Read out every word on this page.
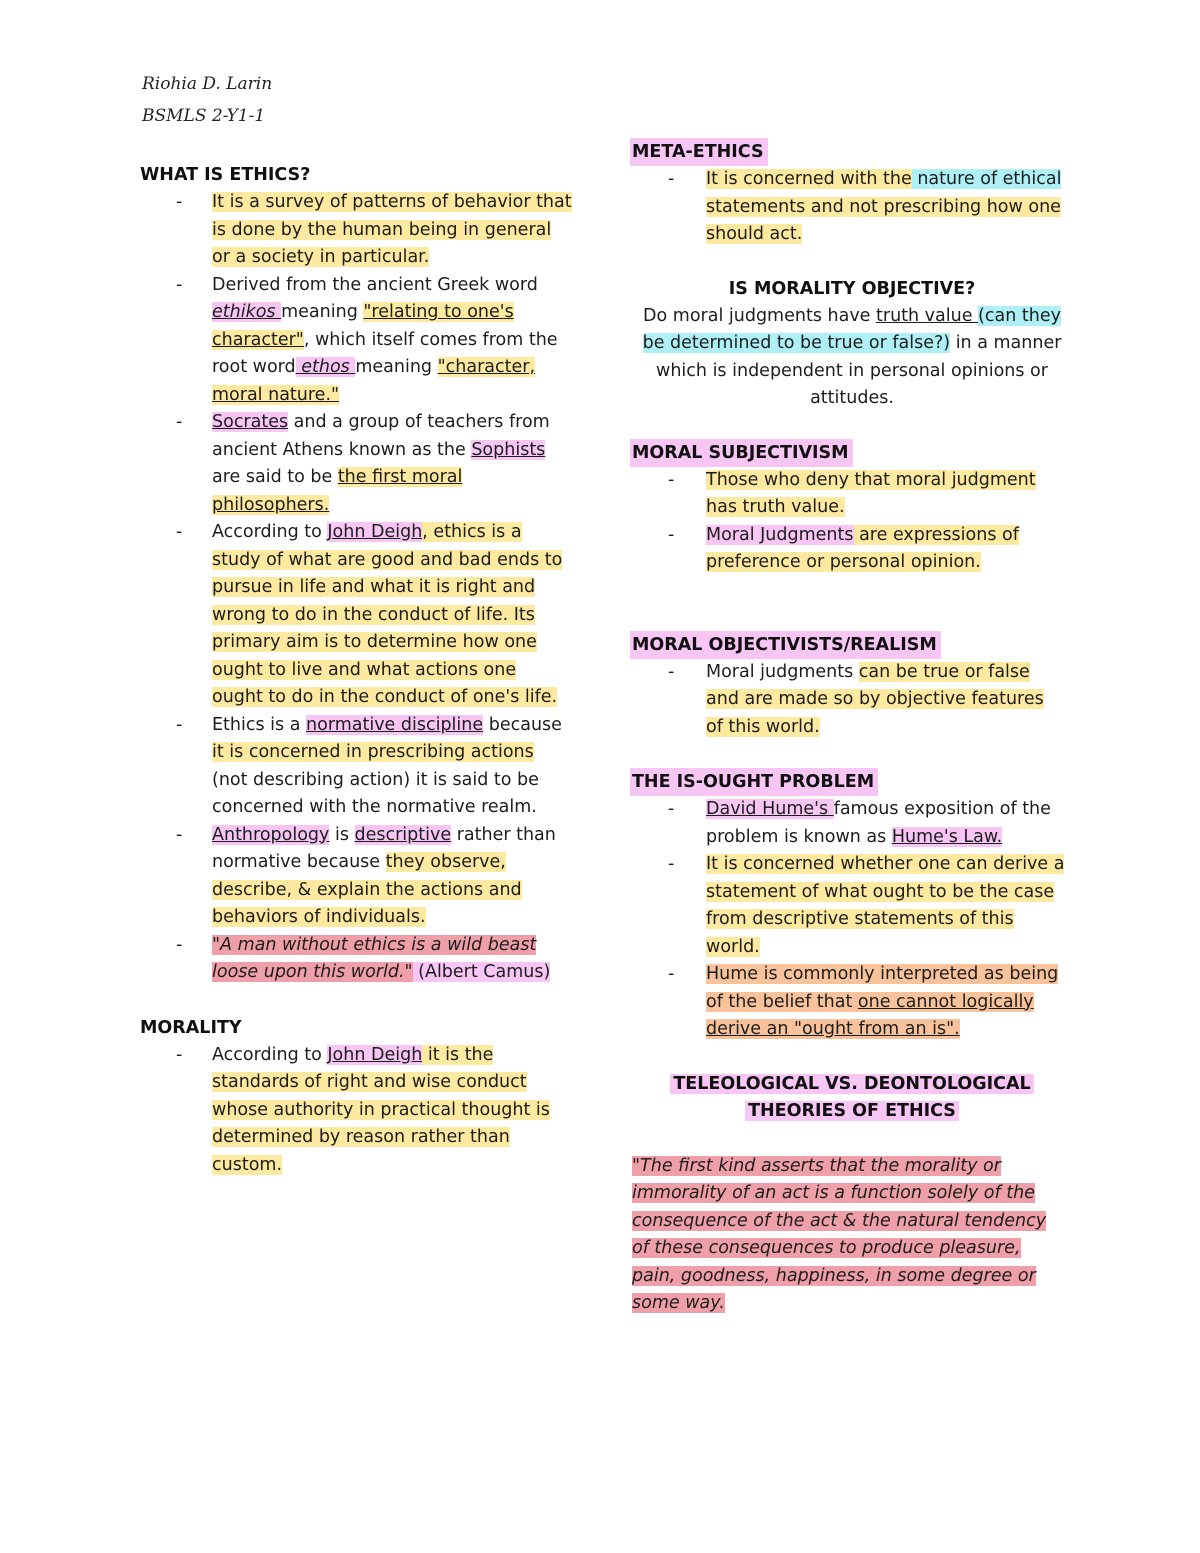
Riohia D. Larin
BSMLS 2-Y1-1
WHAT IS ETHICS?
- It is a survey of patterns of behavior that is done by the human being in general or a society in particular.
- Derived from the ancient Greek word ethikos meaning "relating to one's character", which itself comes from the root word ethos meaning "character, moral nature."
- Socrates and a group of teachers from ancient Athens known as the Sophists are said to be the first moral philosophers.
- According to John Deigh, ethics is a study of what are good and bad ends to pursue in life and what it is right and wrong to do in the conduct of life. Its primary aim is to determine how one ought to live and what actions one ought to do in the conduct of one's life.
- Ethics is a normative discipline because it is concerned in prescribing actions (not describing action) it is said to be concerned with the normative realm.
- Anthropology is descriptive rather than normative because they observe, describe, & explain the actions and behaviors of individuals.
- "A man without ethics is a wild beast loose upon this world." (Albert Camus)
MORALITY
- According to John Deigh it is the standards of right and wise conduct whose authority in practical thought is determined by reason rather than custom.
META-ETHICS
- It is concerned with the nature of ethical statements and not prescribing how one should act.
IS MORALITY OBJECTIVE?

Do moral judgments have truth value (can they be determined to be true or false?) in a manner which is independent in personal opinions or attitudes.

MORAL SUBJECTIVISM
- Those who deny that moral judgment has truth value.
- Moral Judgments are expressions of preference or personal opinion.
MORAL OBJECTIVISTS/REALISM
- Moral judgments can be true or false and are made so by objective features of this world.
THE IS-OUGHT PROBLEM
- David Hume's famous exposition of the problem is known as Hume's Law.
- It is concerned whether one can derive a statement of what ought to be the case from descriptive statements of this world.
- Hume is commonly interpreted as being of the belief that one cannot logically derive an "ought from an is".
TELEOLOGICAL VS. DEONTOLOGICAL
THEORIES OF ETHICS

"The first kind asserts that the morality or immorality of an act is a function solely of the consequence of the act & the natural tendency of these consequences to produce pleasure, pain, goodness, happiness, in some degree or some way.
